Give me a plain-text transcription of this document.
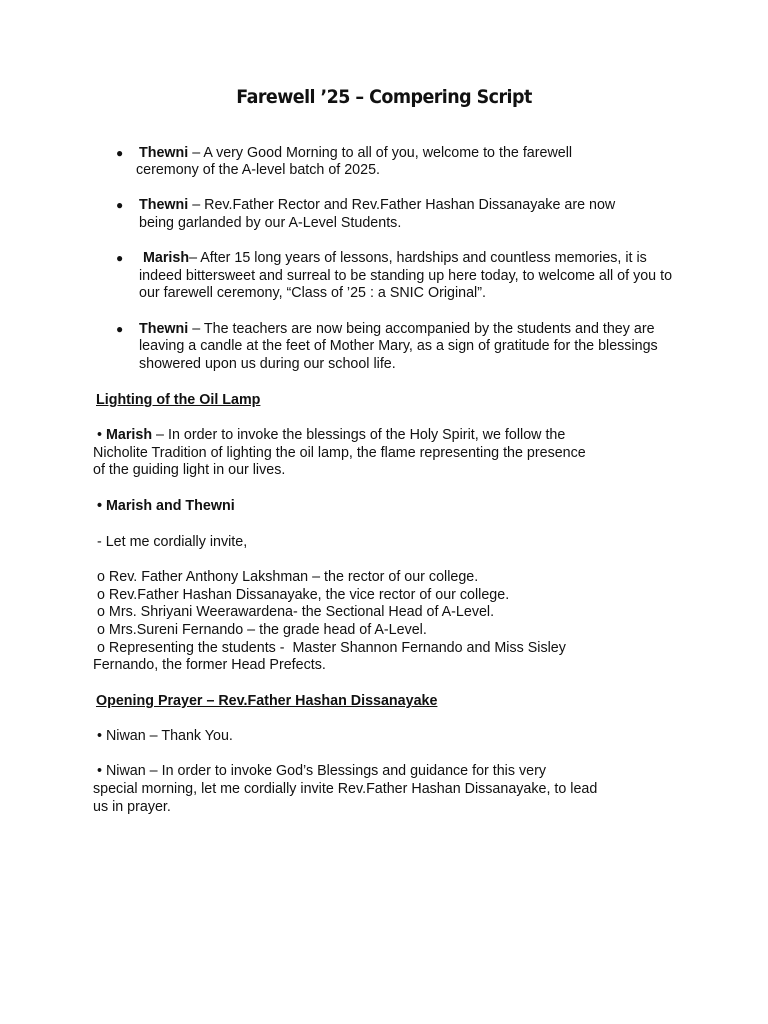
Farewell ’25 – Compering Script
● Thewni – A very Good Morning to all of you, welcome to the farewell
ceremony of the A-level batch of 2025.
● Thewni – Rev.Father Rector and Rev.Father Hashan Dissanayake are now
being garlanded by our A-Level Students.
● Marish– After 15 long years of lessons, hardships and countless memories, it is
indeed bittersweet and surreal to be standing up here today, to welcome all of you to
our farewell ceremony, “Class of ’25 : a SNIC Original”.
● Thewni – The teachers are now being accompanied by the students and they are
leaving a candle at the feet of Mother Mary, as a sign of gratitude for the blessings
showered upon us during our school life.
Lighting of the Oil Lamp
• Marish – In order to invoke the blessings of the Holy Spirit, we follow the
Nicholite Tradition of lighting the oil lamp, the flame representing the presence
of the guiding light in our lives.
• Marish and Thewni
- Let me cordially invite,
o Rev. Father Anthony Lakshman – the rector of our college.
o Rev.Father Hashan Dissanayake, the vice rector of our college.
o Mrs. Shriyani Weerawardena- the Sectional Head of A-Level.
o Mrs.Sureni Fernando – the grade head of A-Level.
o Representing the students -  Master Shannon Fernando and Miss Sisley
Fernando, the former Head Prefects.
Opening Prayer – Rev.Father Hashan Dissanayake
• Niwan – Thank You.
• Niwan – In order to invoke God’s Blessings and guidance for this very
special morning, let me cordially invite Rev.Father Hashan Dissanayake, to lead
us in prayer.
